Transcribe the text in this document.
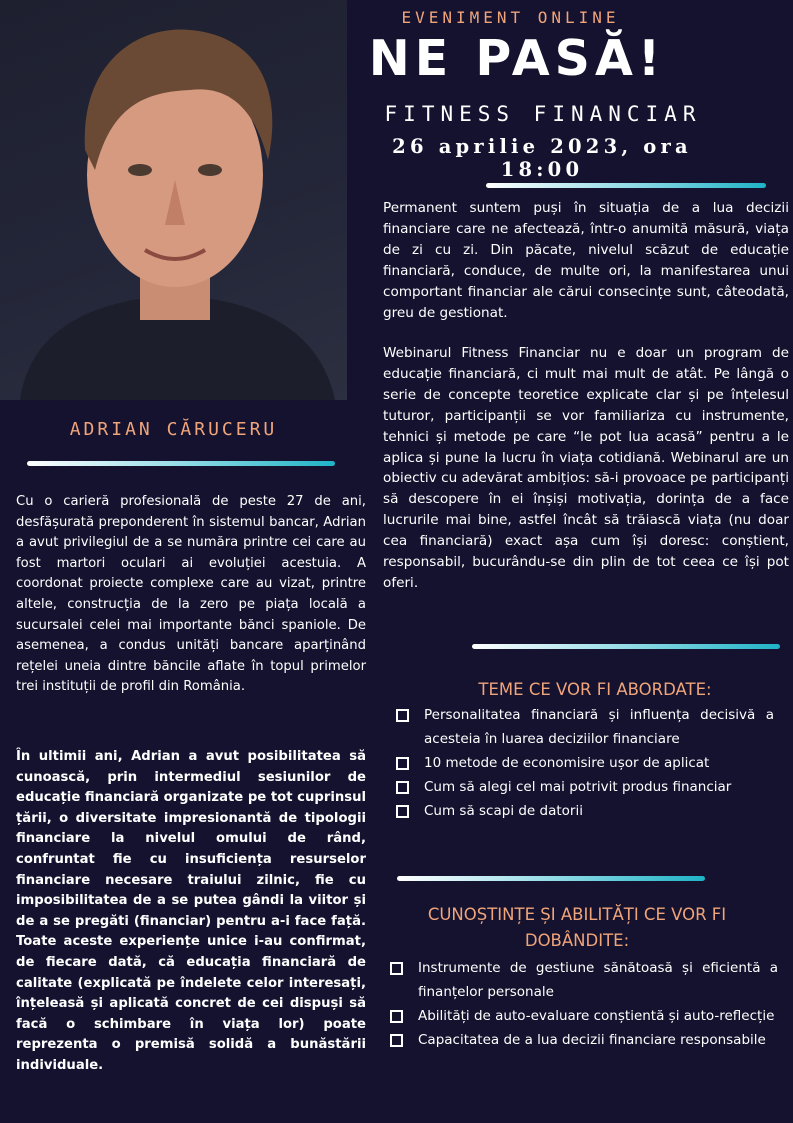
ADRIAN CĂRUCERU
Cu o carieră profesională de peste 27 de ani, desfășurată preponderent în sistemul bancar, Adrian a avut privilegiul de a se număra printre cei care au fost martori oculari ai evoluției acestuia. A coordonat proiecte complexe care au vizat, printre altele, construcția de la zero pe piața locală a sucursalei celei mai importante bănci spaniole. De asemenea, a condus unități bancare aparținând rețelei uneia dintre băncile aflate în topul primelor trei instituții de profil din România.
În ultimii ani, Adrian a avut posibilitatea să cunoască, prin intermediul sesiunilor de educație financiară organizate pe tot cuprinsul țării, o diversitate impresionantă de tipologii financiare la nivelul omului de rând, confruntat fie cu insuficiența resurselor financiare necesare traiului zilnic, fie cu imposibilitatea de a se putea gândi la viitor și de a se pregăti (financiar) pentru a-i face față. Toate aceste experiențe unice i-au confirmat, de fiecare dată, că educația financiară de calitate (explicată pe îndelete celor interesați, înțeleasă și aplicată concret de cei dispuși să facă o schimbare în viața lor) poate reprezenta o premisă solidă a bunăstării individuale.
EVENIMENT ONLINE
NE PASĂ!
FITNESS FINANCIAR
26 aprilie 2023, ora 18:00
Permanent suntem puși în situația de a lua decizii financiare care ne afectează, într-o anumită măsură, viața de zi cu zi. Din păcate, nivelul scăzut de educație financiară, conduce, de multe ori, la manifestarea unui comportant financiar ale cărui consecințe sunt, câteodată, greu de gestionat.
Webinarul Fitness Financiar nu e doar un program de educație financiară, ci mult mai mult de atât. Pe lângă o serie de concepte teoretice explicate clar și pe înțelesul tuturor, participanții se vor familiariza cu instrumente, tehnici și metode pe care “le pot lua acasă” pentru a le aplica și pune la lucru în viața cotidiană. Webinarul are un obiectiv cu adevărat ambițios: să-i provoace pe participanți să descopere în ei înșiși motivația, dorința de a face lucrurile mai bine, astfel încât să trăiască viața (nu doar cea financiară) exact așa cum își doresc: conștient, responsabil, bucurându-se din plin de tot ceea ce își pot oferi.
TEME CE VOR FI ABORDATE:
Personalitatea financiară și influența decisivă a acesteia în luarea deciziilor financiare
10 metode de economisire ușor de aplicat
Cum să alegi cel mai potrivit produs financiar
Cum să scapi de datorii
CUNOȘTINȚE ȘI ABILITĂȚI CE VOR FI DOBÂNDITE:
Instrumente de gestiune sănătoasă și eficientă a finanțelor personale
Abilități de auto-evaluare conștientă și auto-reflecție
Capacitatea de a lua decizii financiare responsabile
